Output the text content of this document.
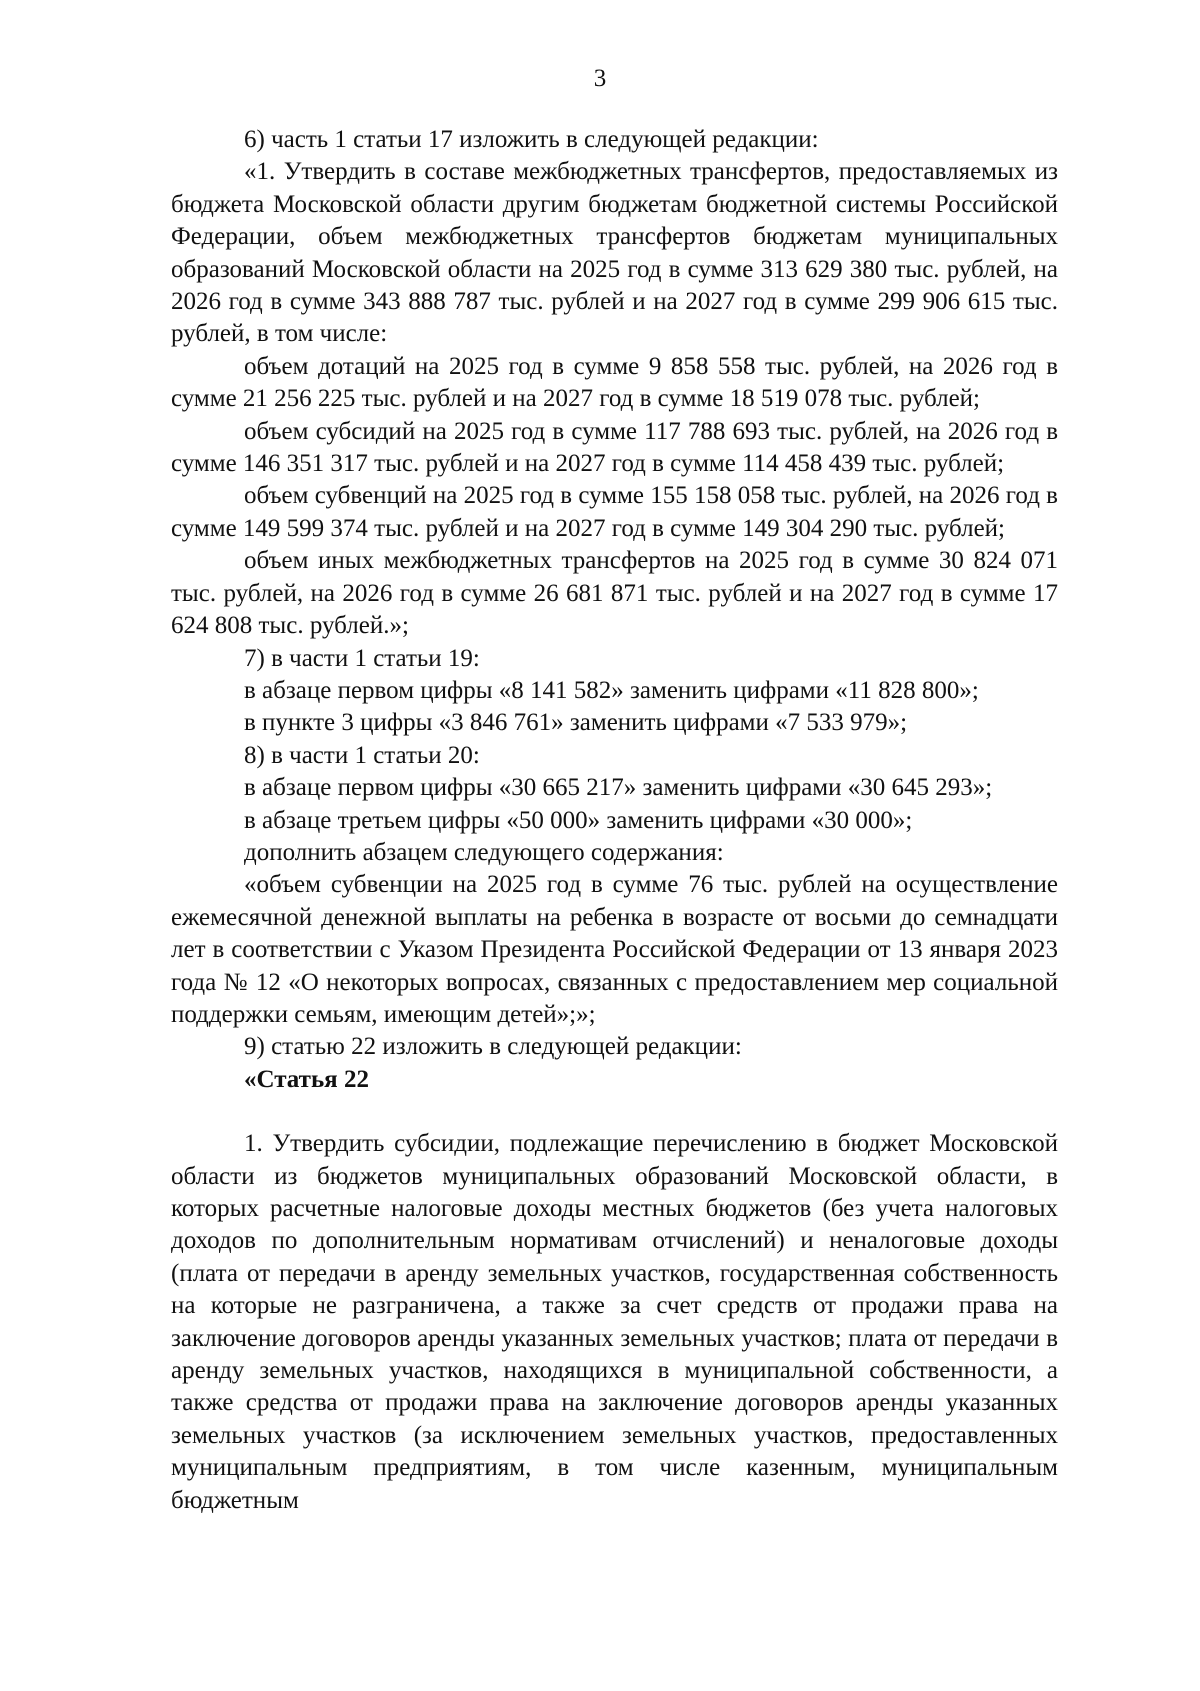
3

6) часть 1 статьи 17 изложить в следующей редакции:

«1. Утвердить в составе межбюджетных трансфертов, предоставляемых из бюджета Московской области другим бюджетам бюджетной системы Российской Федерации, объем межбюджетных трансфертов бюджетам муниципальных образований Московской области на 2025 год в сумме 313 629 380 тыс. рублей, на 2026 год в сумме 343 888 787 тыс. рублей и на 2027 год в сумме 299 906 615 тыс. рублей, в том числе:

объем дотаций на 2025 год в сумме 9 858 558 тыс. рублей, на 2026 год в сумме 21 256 225 тыс. рублей и на 2027 год в сумме 18 519 078 тыс. рублей;

объем субсидий на 2025 год в сумме 117 788 693 тыс. рублей, на 2026 год в сумме 146 351 317 тыс. рублей и на 2027 год в сумме 114 458 439 тыс. рублей;

объем субвенций на 2025 год в сумме 155 158 058 тыс. рублей, на 2026 год в сумме 149 599 374 тыс. рублей и на 2027 год в сумме 149 304 290 тыс. рублей;

объем иных межбюджетных трансфертов на 2025 год в сумме 30 824 071 тыс. рублей, на 2026 год в сумме 26 681 871 тыс. рублей и на 2027 год в сумме 17 624 808 тыс. рублей.»;

7) в части 1 статьи 19:

в абзаце первом цифры «8 141 582» заменить цифрами «11 828 800»;

в пункте 3 цифры «3 846 761» заменить цифрами «7 533 979»;

8) в части 1 статьи 20:

в абзаце первом цифры «30 665 217» заменить цифрами «30 645 293»;

в абзаце третьем цифры «50 000» заменить цифрами «30 000»;

дополнить абзацем следующего содержания:

«объем субвенции на 2025 год в сумме 76 тыс. рублей на осуществление ежемесячной денежной выплаты на ребенка в возрасте от восьми до семнадцати лет в соответствии с Указом Президента Российской Федерации от 13 января 2023 года № 12 «О некоторых вопросах, связанных с предоставлением мер социальной поддержки семьям, имеющим детей»;»;

9) статью 22 изложить в следующей редакции:

«Статья 22

1. Утвердить субсидии, подлежащие перечислению в бюджет Московской области из бюджетов муниципальных образований Московской области, в которых расчетные налоговые доходы местных бюджетов (без учета налоговых доходов по дополнительным нормативам отчислений) и неналоговые доходы (плата от передачи в аренду земельных участков, государственная собственность на которые не разграничена, а также за счет средств от продажи права на заключение договоров аренды указанных земельных участков; плата от передачи в аренду земельных участков, находящихся в муниципальной собственности, а также средства от продажи права на заключение договоров аренды указанных земельных участков (за исключением земельных участков, предоставленных муниципальным предприятиям, в том числе казенным, муниципальным бюджетным
